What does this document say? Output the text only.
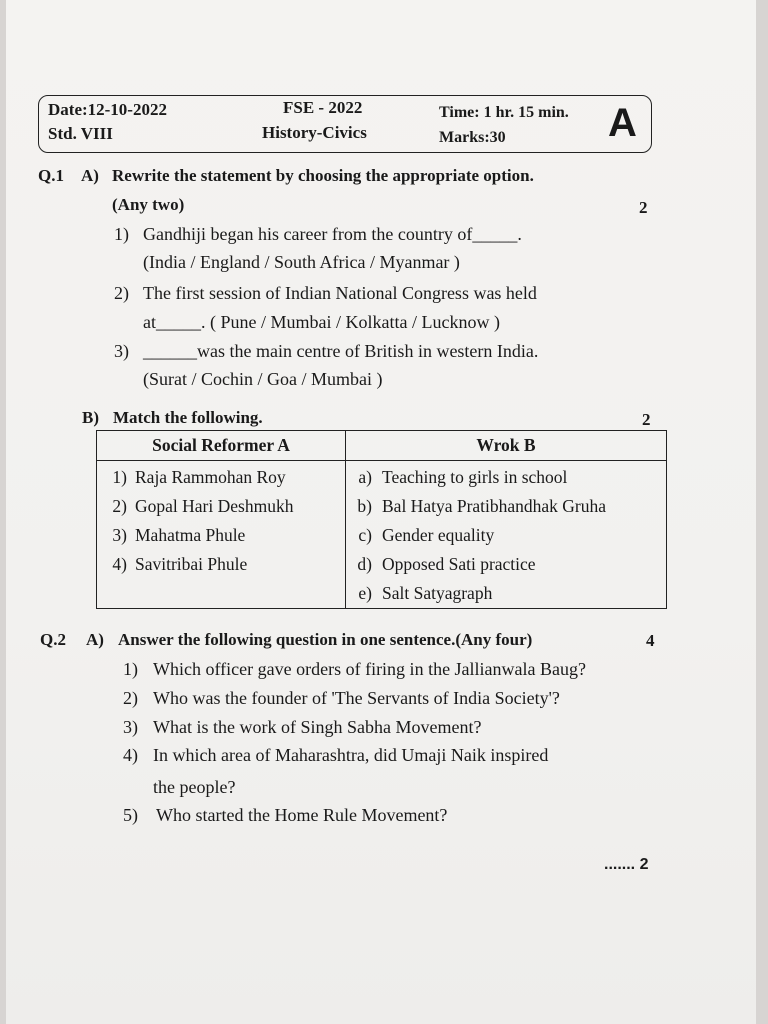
Date:12-10-2022
Std. VIII
FSE - 2022
History-Civics
Time: 1 hr. 15 min.
Marks:30	A
Q.1 A) Rewrite the statement by choosing the appropriate option.
(Any two)	2
1) Gandhiji began his career from the country of_____.
(India / England / South Africa / Myanmar )
2) The first session of Indian National Congress was held
at_____. ( Pune / Mumbai / Kolkatta / Lucknow )
3) ______was the main centre of British in western India.
(Surat / Cochin / Goa / Mumbai )
B) Match the following.	2
Social Reformer A	Wrok B
1) Raja Rammohan Roy	a) Teaching to girls in school
2) Gopal Hari Deshmukh	b) Bal Hatya Pratibhandhak Gruha
3) Mahatma Phule	c) Gender equality
4) Savitribai Phule	d) Opposed Sati practice
	e) Salt Satyagraph
Q.2 A) Answer the following question in one sentence.(Any four)	4
1) Which officer gave orders of firing in the Jallianwala Baug?
2) Who was the founder of 'The Servants of India Society'?
3) What is the work of Singh Sabha Movement?
4) In which area of Maharashtra, did Umaji Naik inspired
the people?
5) Who started the Home Rule Movement?
....... 2
